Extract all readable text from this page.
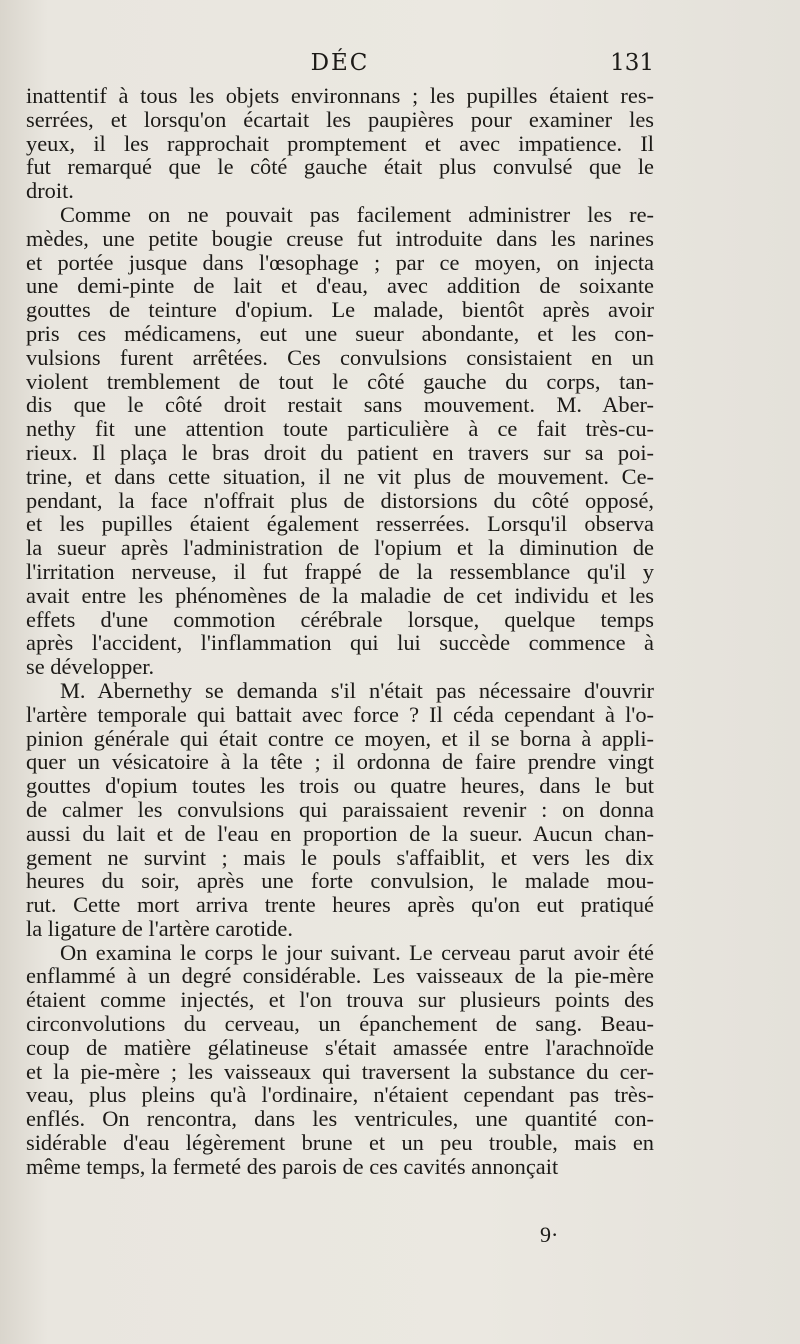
DÉC	131
inattentif à tous les objets environnans ; les pupilles étaient res-
serrées, et lorsqu'on écartait les paupières pour examiner les
yeux, il les rapprochait promptement et avec impatience. Il
fut remarqué que le côté gauche était plus convulsé que le
droit.
Comme on ne pouvait pas facilement administrer les re-
mèdes, une petite bougie creuse fut introduite dans les narines
et portée jusque dans l'œsophage ; par ce moyen, on injecta
une demi-pinte de lait et d'eau, avec addition de soixante
gouttes de teinture d'opium. Le malade, bientôt après avoir
pris ces médicamens, eut une sueur abondante, et les con-
vulsions furent arrêtées. Ces convulsions consistaient en un
violent tremblement de tout le côté gauche du corps, tan-
dis que le côté droit restait sans mouvement. M. Aber-
nethy fit une attention toute particulière à ce fait très-cu-
rieux. Il plaça le bras droit du patient en travers sur sa poi-
trine, et dans cette situation, il ne vit plus de mouvement. Ce-
pendant, la face n'offrait plus de distorsions du côté opposé,
et les pupilles étaient également resserrées. Lorsqu'il observa
la sueur après l'administration de l'opium et la diminution de
l'irritation nerveuse, il fut frappé de la ressemblance qu'il y
avait entre les phénomènes de la maladie de cet individu et les
effets d'une commotion cérébrale lorsque, quelque temps
après l'accident, l'inflammation qui lui succède commence à
se développer.
M. Abernethy se demanda s'il n'était pas nécessaire d'ouvrir
l'artère temporale qui battait avec force ? Il céda cependant à l'o-
pinion générale qui était contre ce moyen, et il se borna à appli-
quer un vésicatoire à la tête ; il ordonna de faire prendre vingt
gouttes d'opium toutes les trois ou quatre heures, dans le but
de calmer les convulsions qui paraissaient revenir : on donna
aussi du lait et de l'eau en proportion de la sueur. Aucun chan-
gement ne survint ; mais le pouls s'affaiblit, et vers les dix
heures du soir, après une forte convulsion, le malade mou-
rut. Cette mort arriva trente heures après qu'on eut pratiqué
la ligature de l'artère carotide.
On examina le corps le jour suivant. Le cerveau parut avoir été
enflammé à un degré considérable. Les vaisseaux de la pie-mère
étaient comme injectés, et l'on trouva sur plusieurs points des
circonvolutions du cerveau, un épanchement de sang. Beau-
coup de matière gélatineuse s'était amassée entre l'arachnoïde
et la pie-mère ; les vaisseaux qui traversent la substance du cer-
veau, plus pleins qu'à l'ordinaire, n'étaient cependant pas très-
enflés. On rencontra, dans les ventricules, une quantité con-
sidérable d'eau légèrement brune et un peu trouble, mais en
même temps, la fermeté des parois de ces cavités annonçait
9·
